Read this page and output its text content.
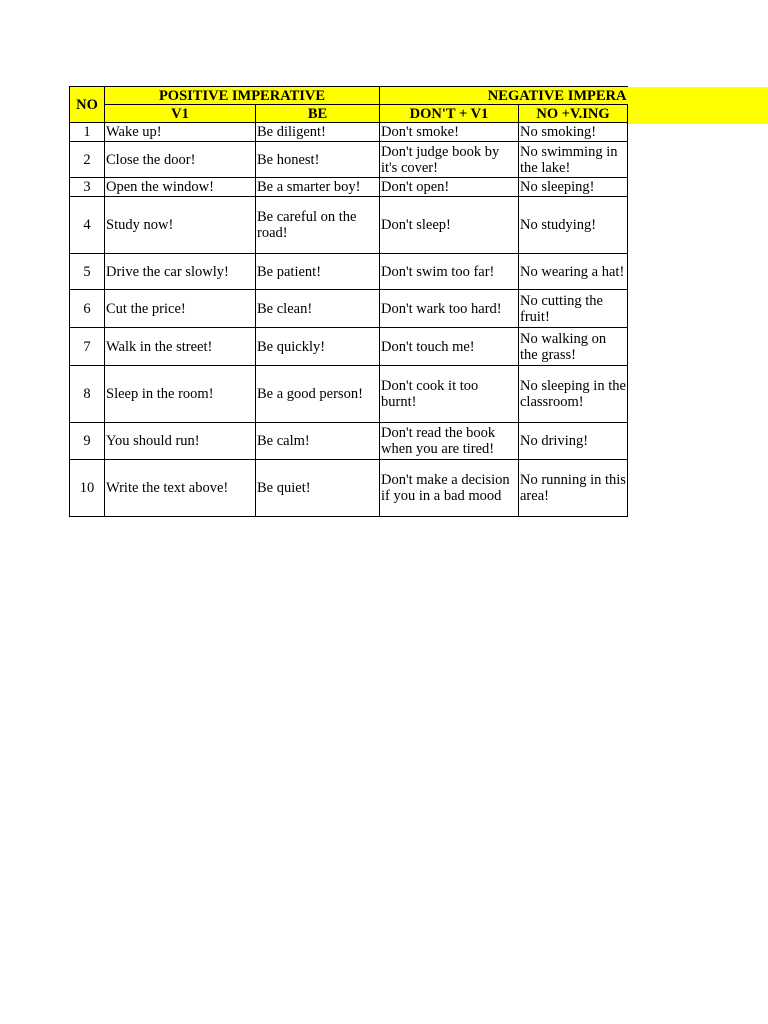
NO	POSITIVE IMPERATIVE		NEGATIVE IMPERA	
	V1	BE	DON'T + V1	NO +V.ING
1	Wake up!	Be diligent!	Don't smoke!	No smoking!
2	Close the door!	Be honest!	Don't judge book by it's cover!	No swimming in the lake!
3	Open the window!	Be a smarter boy!	Don't open!	No sleeping!
4	Study now!	Be careful on the road!	Don't sleep!	No studying!
5	Drive the car slowly!	Be patient!	Don't swim too far!	No wearing a hat!
6	Cut the price!	Be clean!	Don't wark too hard!	No cutting the fruit!
7	Walk in the street!	Be quickly!	Don't touch me!	No walking on the grass!
8	Sleep in the room!	Be a good person!	Don't cook it too burnt!	No sleeping in the classroom!
9	You should run!	Be calm!	Don't read the book when you are tired!	No driving!
10	Write the text above!	Be quiet!	Don't make a decision if you in a bad mood	No running in this area!
